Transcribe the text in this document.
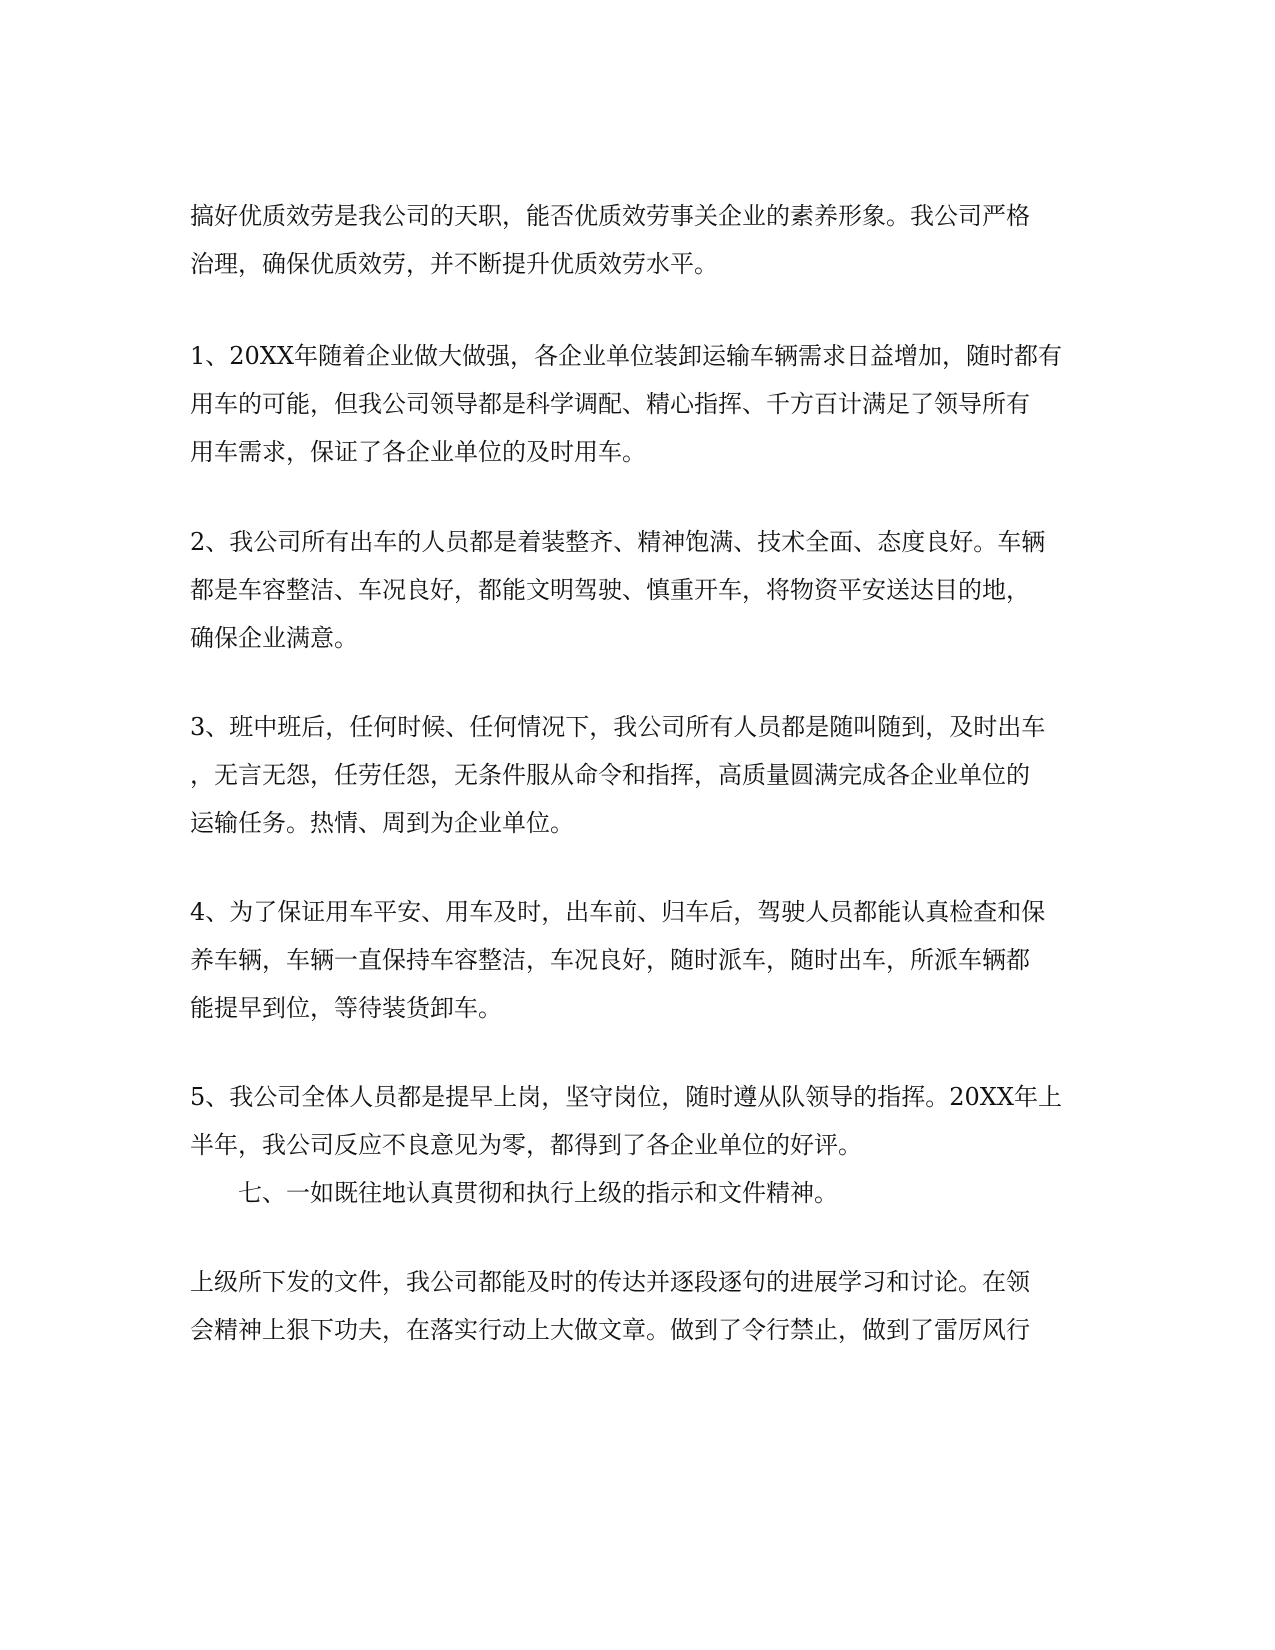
搞好优质效劳是我公司的天职，能否优质效劳事关企业的素养形象。我公司严格
治理，确保优质效劳，并不断提升优质效劳水平。
1、20XX年随着企业做大做强，各企业单位装卸运输车辆需求日益增加，随时都有
用车的可能，但我公司领导都是科学调配、精心指挥、千方百计满足了领导所有
用车需求，保证了各企业单位的及时用车。
2、我公司所有出车的人员都是着装整齐、精神饱满、技术全面、态度良好。车辆
都是车容整洁、车况良好，都能文明驾驶、慎重开车，将物资平安送达目的地，
确保企业满意。
3、班中班后，任何时候、任何情况下，我公司所有人员都是随叫随到，及时出车
，无言无怨，任劳任怨，无条件服从命令和指挥，高质量圆满完成各企业单位的
运输任务。热情、周到为企业单位。
4、为了保证用车平安、用车及时，出车前、归车后，驾驶人员都能认真检查和保
养车辆，车辆一直保持车容整洁，车况良好，随时派车，随时出车，所派车辆都
能提早到位，等待装货卸车。
5、我公司全体人员都是提早上岗，坚守岗位，随时遵从队领导的指挥。20XX年上
半年，我公司反应不良意见为零，都得到了各企业单位的好评。
　　七、一如既往地认真贯彻和执行上级的指示和文件精神。
上级所下发的文件，我公司都能及时的传达并逐段逐句的进展学习和讨论。在领
会精神上狠下功夫，在落实行动上大做文章。做到了令行禁止，做到了雷厉风行
